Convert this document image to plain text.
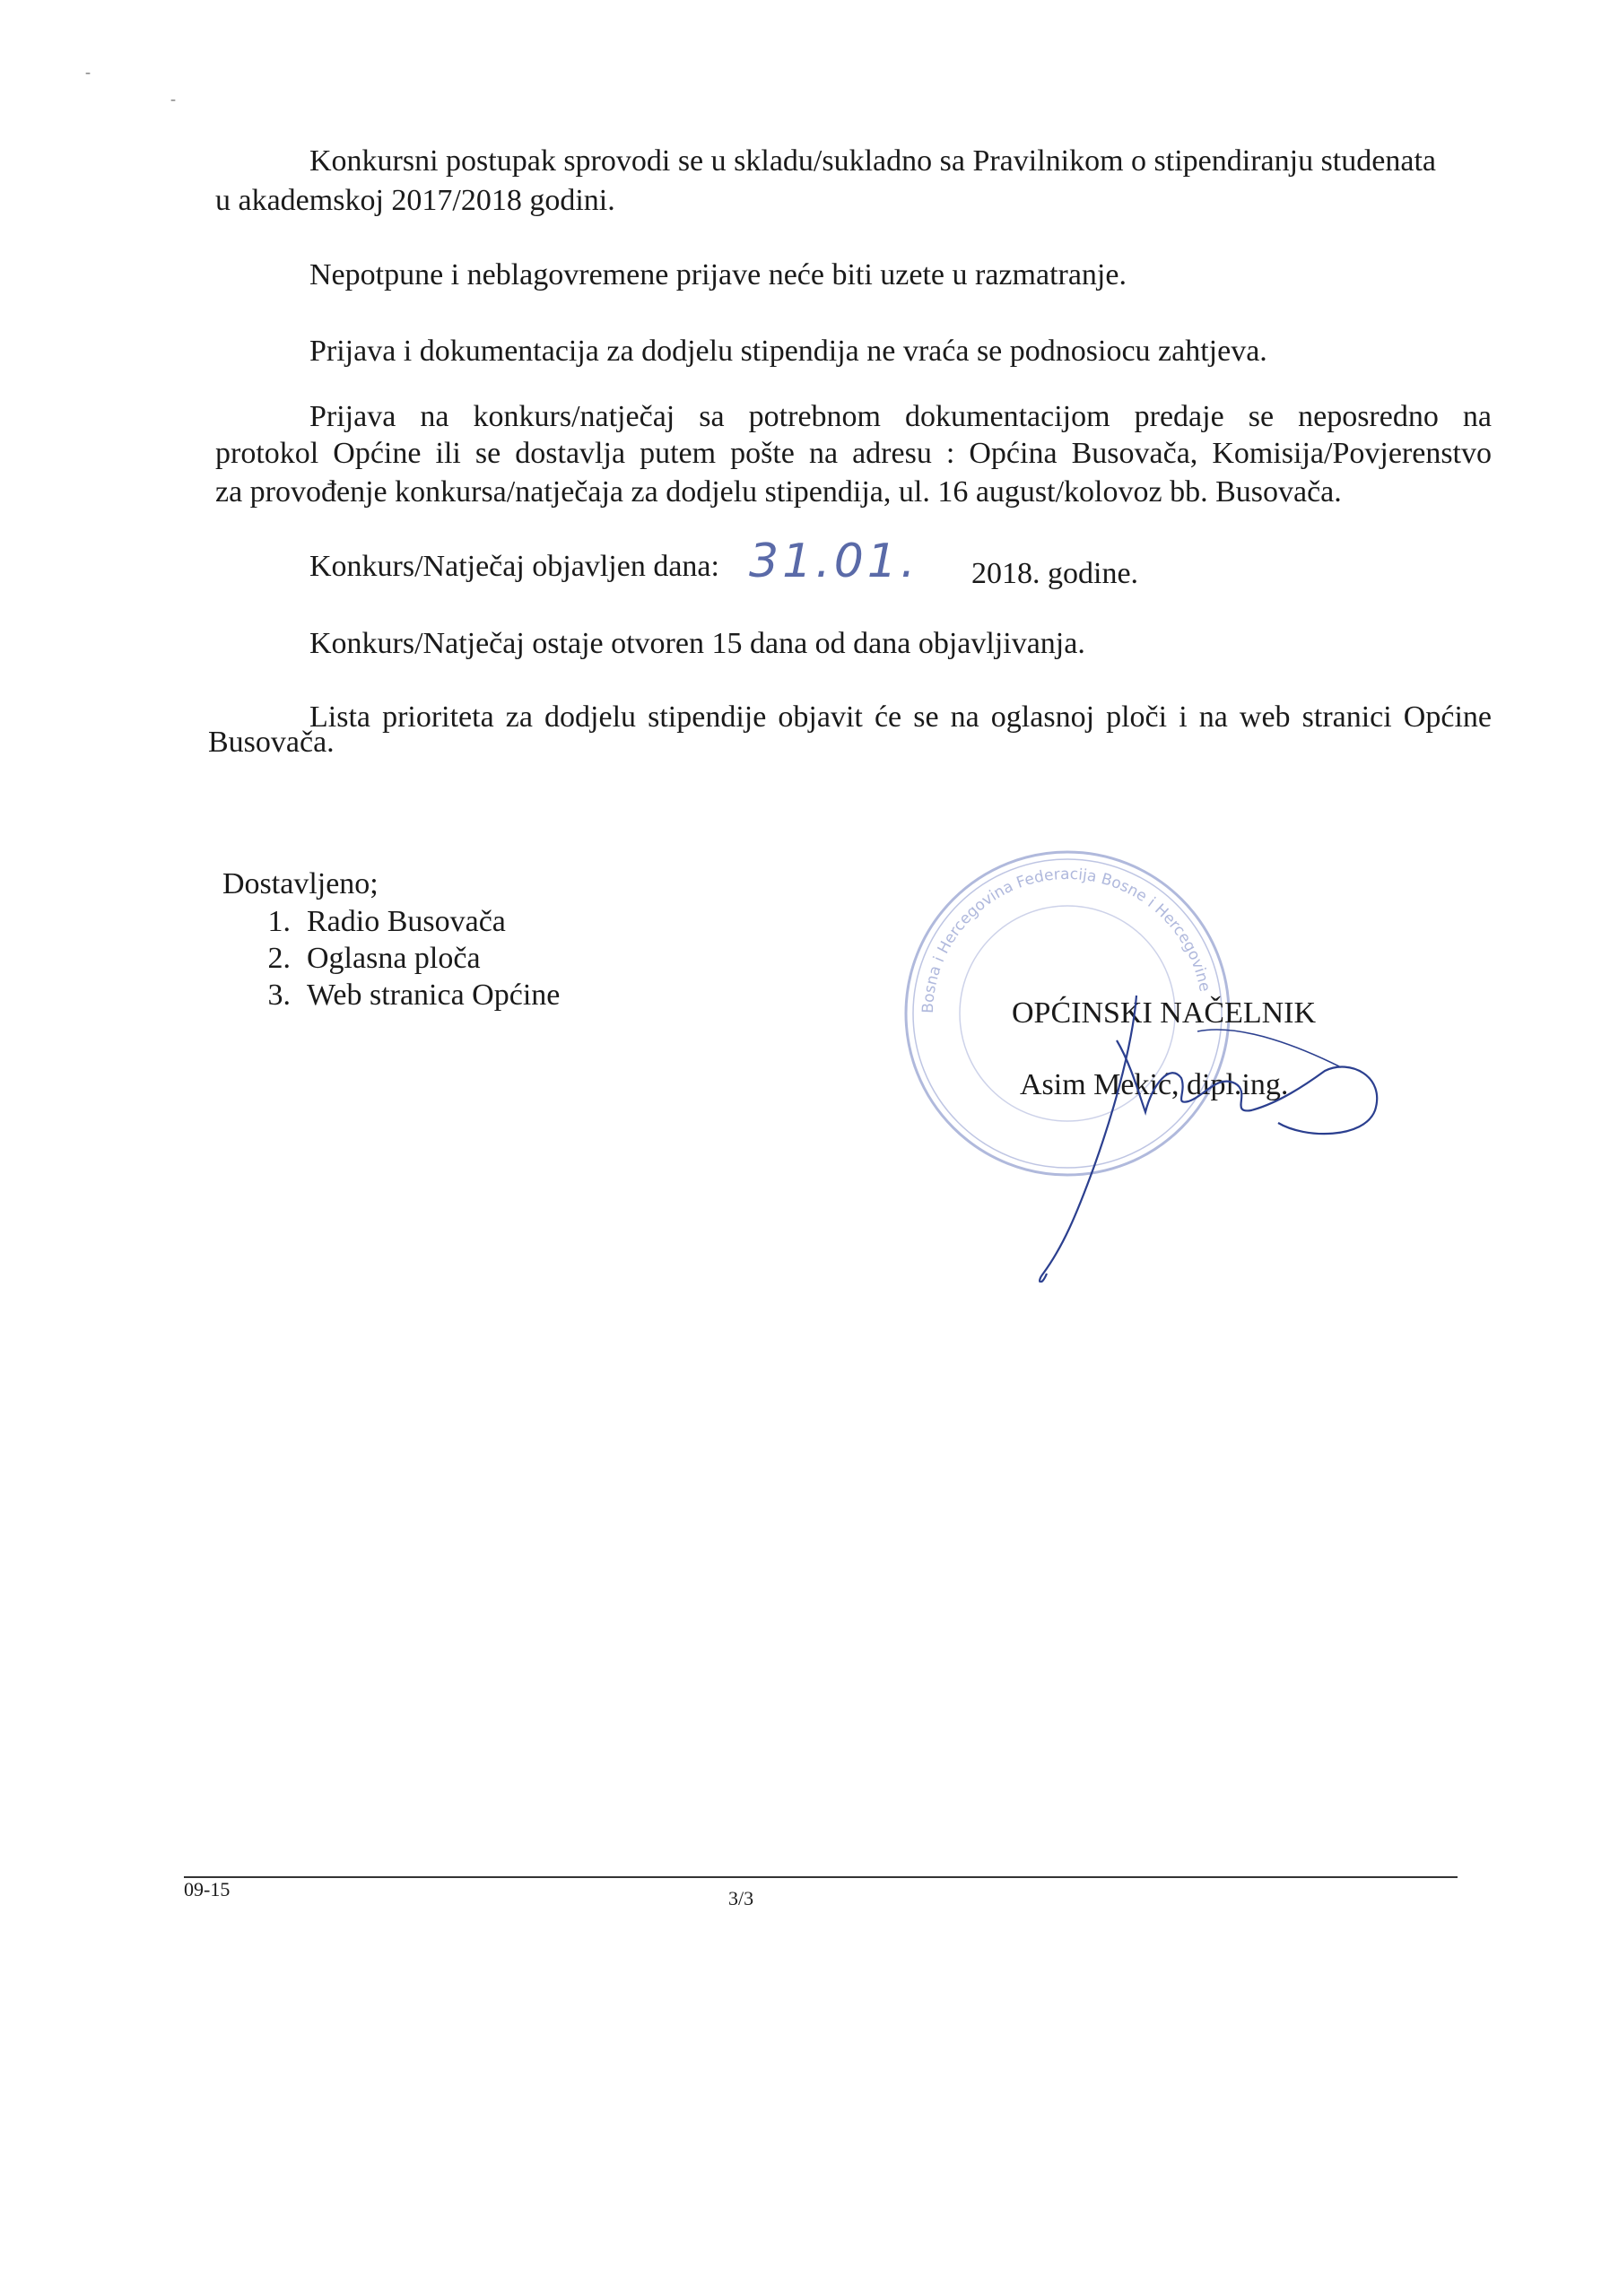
-
-
Konkursni postupak sprovodi se u skladu/sukladno sa Pravilnikom o stipendiranju studenata
u akademskoj 2017/2018 godini.
Nepotpune i neblagovremene prijave neće biti uzete u razmatranje.
Prijava i dokumentacija za dodjelu stipendija ne vraća se podnosiocu zahtjeva.
Prijava na konkurs/natječaj sa potrebnom dokumentacijom predaje se neposredno na
protokol Općine ili se dostavlja putem pošte na adresu : Općina Busovača, Komisija/Povjerenstvo
za provođenje konkursa/natječaja za dodjelu stipendija, ul. 16 august/kolovoz bb. Busovača.
Konkurs/Natječaj objavljen dana: 31.01. 2018. godine.
Konkurs/Natječaj ostaje otvoren 15 dana od dana objavljivanja.
Lista prioriteta za dodjelu stipendije objavit će se na oglasnoj ploči i na web stranici Općine
Busovača.
Dostavljeno;
1. Radio Busovača
2. Oglasna ploča
3. Web stranica Općine	Bosna i Hercegovina Federacija Bosne i Hercegovine
OPĆINSKI NAČELNIK
Asim Mekić, dipl.ing.
09-15	3/3
